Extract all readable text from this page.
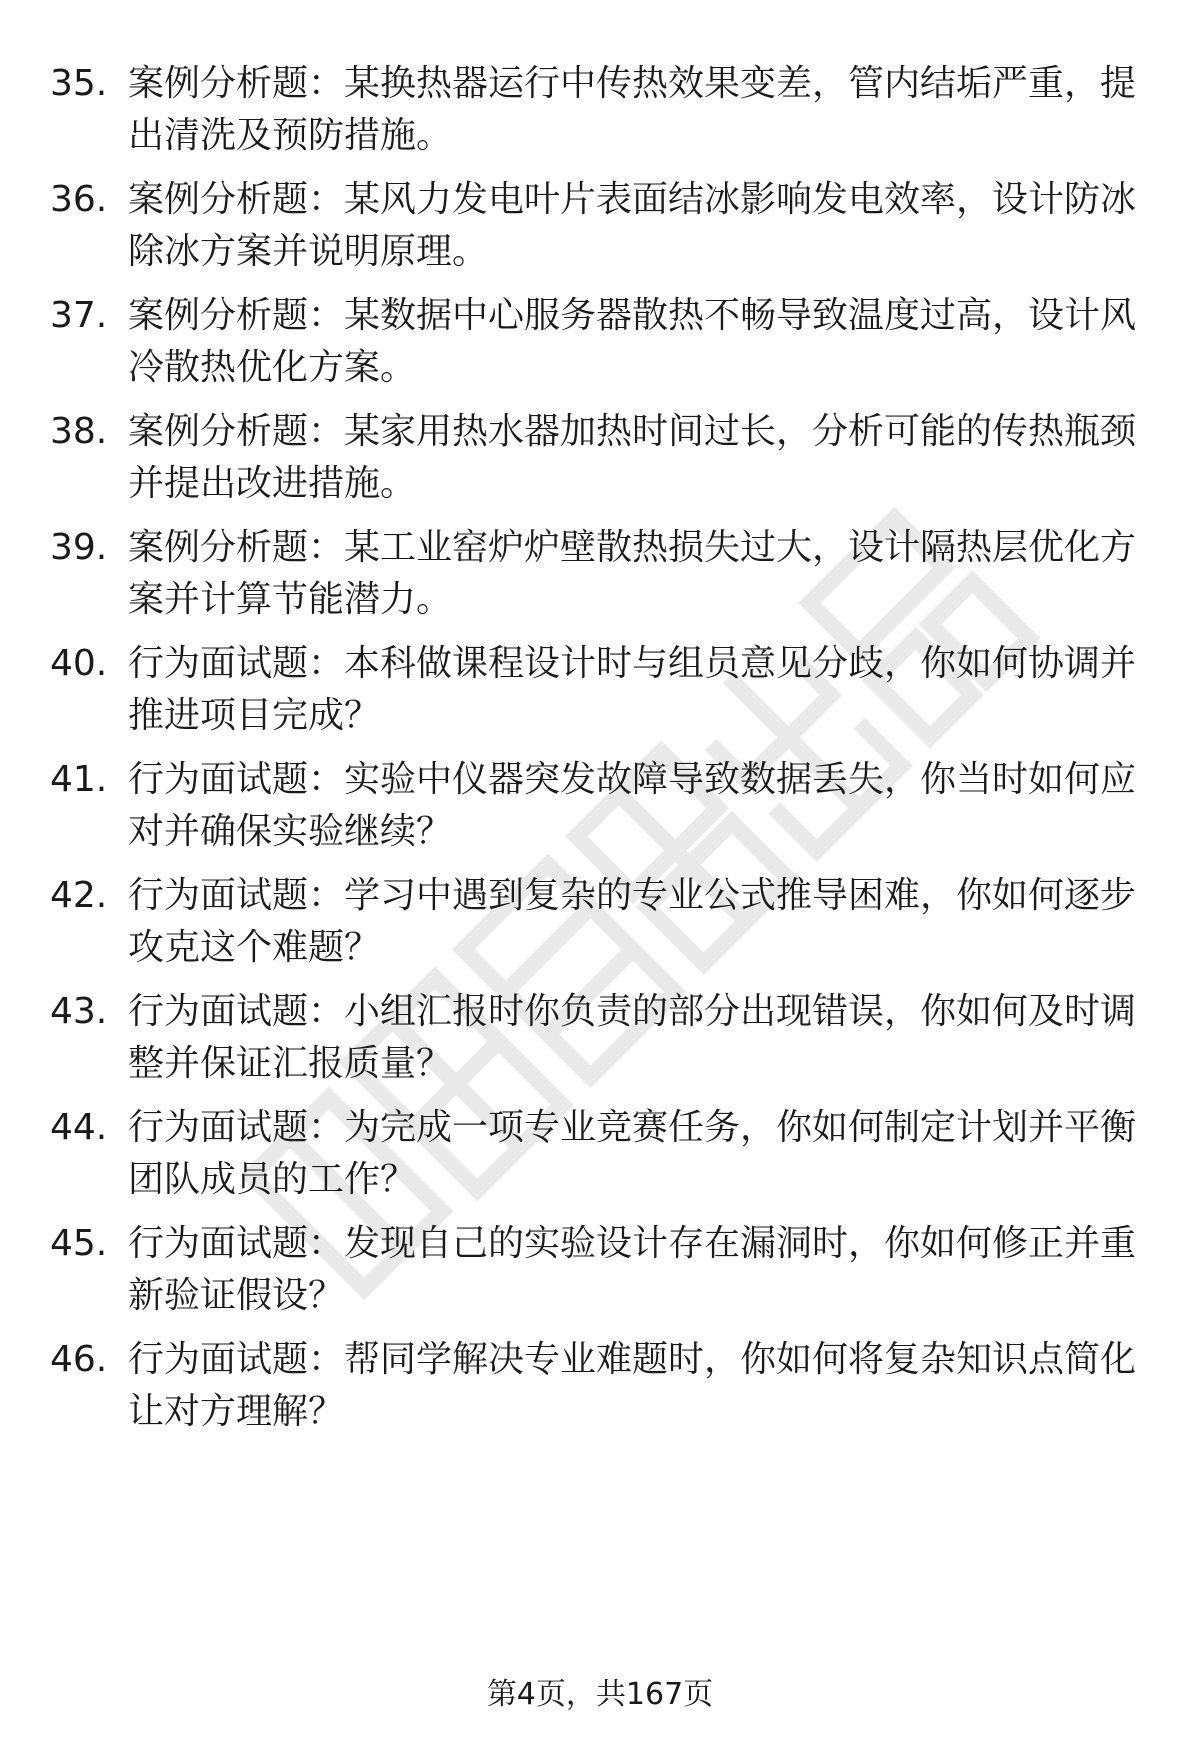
35. 案例分析题：某换热器运行中传热效果变差，管内结垢严重，提出清洗及预防措施。
36. 案例分析题：某风力发电叶片表面结冰影响发电效率，设计防冰除冰方案并说明原理。
37. 案例分析题：某数据中心服务器散热不畅导致温度过高，设计风冷散热优化方案。
38. 案例分析题：某家用热水器加热时间过长，分析可能的传热瓶颈并提出改进措施。
39. 案例分析题：某工业窑炉炉壁散热损失过大，设计隔热层优化方案并计算节能潜力。
40. 行为面试题：本科做课程设计时与组员意见分歧，你如何协调并推进项目完成？
41. 行为面试题：实验中仪器突发故障导致数据丢失，你当时如何应对并确保实验继续？
42. 行为面试题：学习中遇到复杂的专业公式推导困难，你如何逐步攻克这个难题？
43. 行为面试题：小组汇报时你负责的部分出现错误，你如何及时调整并保证汇报质量？
44. 行为面试题：为完成一项专业竞赛任务，你如何制定计划并平衡团队成员的工作？
45. 行为面试题：发现自己的实验设计存在漏洞时，你如何修正并重新验证假设？
46. 行为面试题：帮同学解决专业难题时，你如何将复杂知识点简化让对方理解？
第4页，共167页
